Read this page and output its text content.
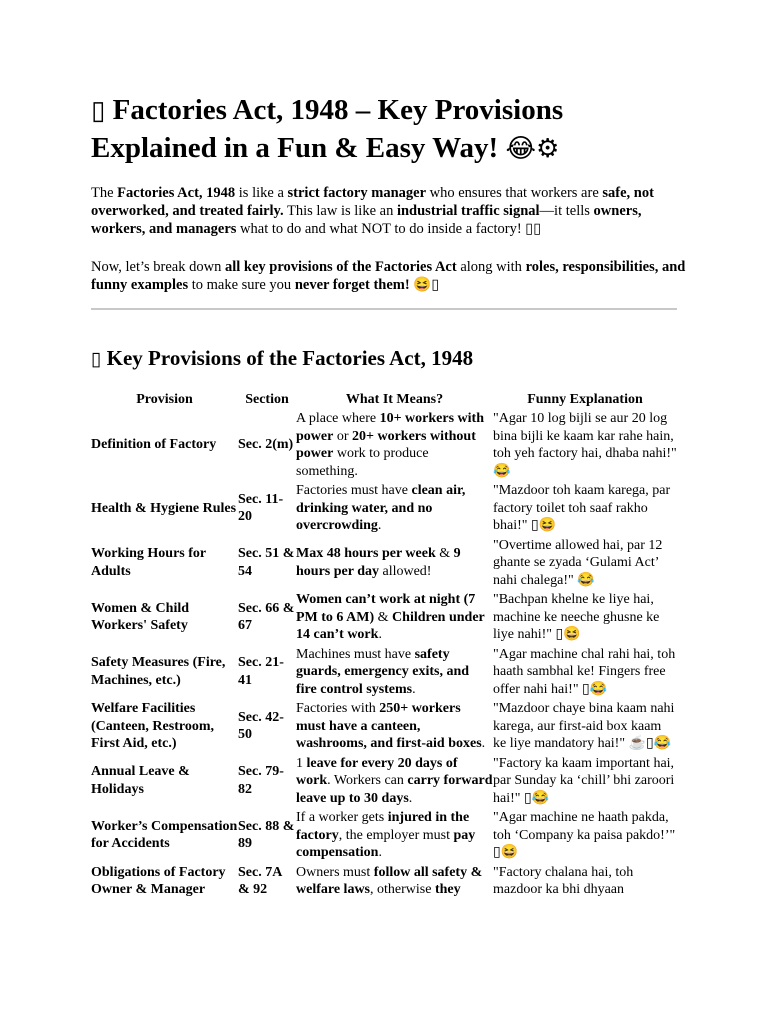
▯ Factories Act, 1948 – Key Provisions Explained in a Fun & Easy Way! 😂⚙

The Factories Act, 1948 is like a strict factory manager who ensures that workers are safe, not overworked, and treated fairly. This law is like an industrial traffic signal—it tells owners, workers, and managers what to do and what NOT to do inside a factory! ▯▯

Now, let’s break down all key provisions of the Factories Act along with roles, responsibilities, and funny examples to make sure you never forget them! 😆▯

▯ Key Provisions of the Factories Act, 1948
Provision	Section	What It Means?	Funny Explanation
Definition of Factory	Sec. 2(m)	A place where 10+ workers with power or 20+ workers without power work to produce something.	"Agar 10 log bijli se aur 20 log bina bijli ke kaam kar rahe hain, toh yeh factory hai, dhaba nahi!" 😂
Health & Hygiene Rules	Sec. 11-20	Factories must have clean air, drinking water, and no overcrowding.	"Mazdoor toh kaam karega, par factory toilet toh saaf rakho bhai!" ▯😆
Working Hours for Adults	Sec. 51 & 54	Max 48 hours per week & 9 hours per day allowed!	"Overtime allowed hai, par 12 ghante se zyada ‘Gulami Act’ nahi chalega!" 😂
Women & Child Workers' Safety	Sec. 66 & 67	Women can’t work at night (7 PM to 6 AM) & Children under 14 can’t work.	"Bachpan khelne ke liye hai, machine ke neeche ghusne ke liye nahi!" ▯😆
Safety Measures (Fire, Machines, etc.)	Sec. 21-41	Machines must have safety guards, emergency exits, and fire control systems.	"Agar machine chal rahi hai, toh haath sambhal ke! Fingers free offer nahi hai!" ▯😂
Welfare Facilities (Canteen, Restroom, First Aid, etc.)	Sec. 42-50	Factories with 250+ workers must have a canteen, washrooms, and first-aid boxes.	"Mazdoor chaye bina kaam nahi karega, aur first-aid box kaam ke liye mandatory hai!" ☕▯😂
Annual Leave & Holidays	Sec. 79-82	1 leave for every 20 days of work. Workers can carry forward leave up to 30 days.	"Factory ka kaam important hai, par Sunday ka ‘chill’ bhi zaroori hai!" ▯😂
Worker’s Compensation for Accidents	Sec. 88 & 89	If a worker gets injured in the factory, the employer must pay compensation.	"Agar machine ne haath pakda, toh ‘Company ka paisa pakdo!’" ▯😆
Obligations of Factory Owner & Manager	Sec. 7A & 92	Owners must follow all safety & welfare laws, otherwise they	"Factory chalana hai, toh mazdoor ka bhi dhyaan
